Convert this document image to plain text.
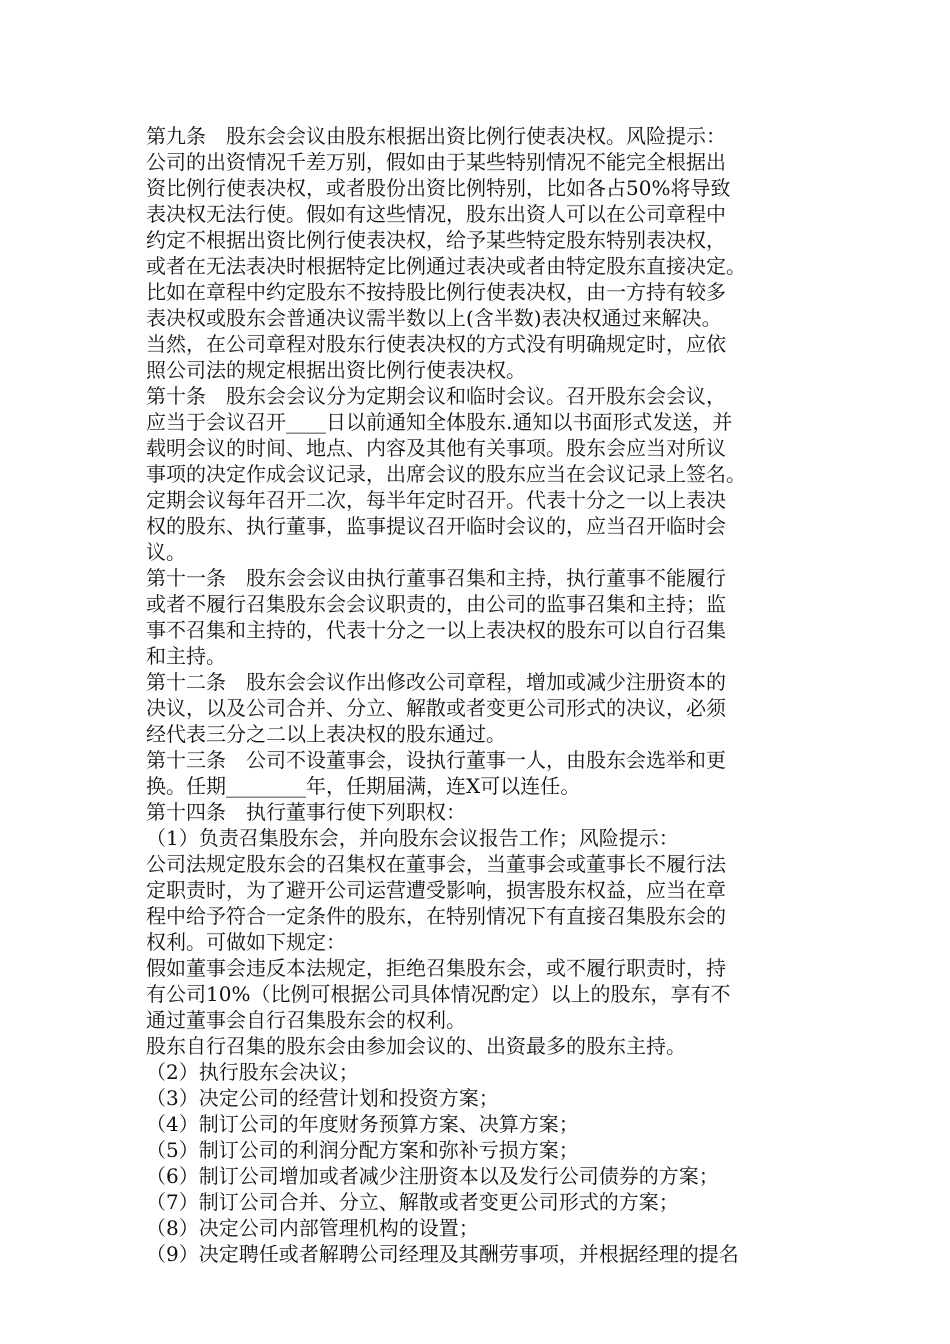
第九条　股东会会议由股东根据出资比例行使表决权。风险提示：
公司的出资情况千差万别，假如由于某些特别情况不能完全根据出
资比例行使表决权，或者股份出资比例特别，比如各占50%将导致
表决权无法行使。假如有这些情况，股东出资人可以在公司章程中
约定不根据出资比例行使表决权，给予某些特定股东特别表决权，
或者在无法表决时根据特定比例通过表决或者由特定股东直接决定。
比如在章程中约定股东不按持股比例行使表决权，由一方持有较多
表决权或股东会普通决议需半数以上(含半数)表决权通过来解决。
当然，在公司章程对股东行使表决权的方式没有明确规定时，应依
照公司法的规定根据出资比例行使表决权。
第十条　股东会会议分为定期会议和临时会议。召开股东会会议，
应当于会议召开____日以前通知全体股东.通知以书面形式发送，并
载明会议的时间、地点、内容及其他有关事项。股东会应当对所议
事项的决定作成会议记录，出席会议的股东应当在会议记录上签名。
定期会议每年召开二次，每半年定时召开。代表十分之一以上表决
权的股东、执行董事，监事提议召开临时会议的，应当召开临时会
议。
第十一条　股东会会议由执行董事召集和主持，执行董事不能履行
或者不履行召集股东会会议职责的，由公司的监事召集和主持；监
事不召集和主持的，代表十分之一以上表决权的股东可以自行召集
和主持。
第十二条　股东会会议作出修改公司章程，增加或减少注册资本的
决议，以及公司合并、分立、解散或者变更公司形式的决议，必须
经代表三分之二以上表决权的股东通过。
第十三条　公司不设董事会，设执行董事一人，由股东会选举和更
换。任期________年，任期届满，连X可以连任。
第十四条　执行董事行使下列职权：
（1）负责召集股东会，并向股东会议报告工作；风险提示：
公司法规定股东会的召集权在董事会，当董事会或董事长不履行法
定职责时，为了避开公司运营遭受影响，损害股东权益，应当在章
程中给予符合一定条件的股东，在特别情况下有直接召集股东会的
权利。可做如下规定：
假如董事会违反本法规定，拒绝召集股东会，或不履行职责时，持
有公司10%（比例可根据公司具体情况酌定）以上的股东，享有不
通过董事会自行召集股东会的权利。
股东自行召集的股东会由参加会议的、出资最多的股东主持。
（2）执行股东会决议；
（3）决定公司的经营计划和投资方案；
（4）制订公司的年度财务预算方案、决算方案；
（5）制订公司的利润分配方案和弥补亏损方案；
（6）制订公司增加或者减少注册资本以及发行公司债券的方案；
（7）制订公司合并、分立、解散或者变更公司形式的方案；
（8）决定公司内部管理机构的设置；
（9）决定聘任或者解聘公司经理及其酬劳事项，并根据经理的提名
